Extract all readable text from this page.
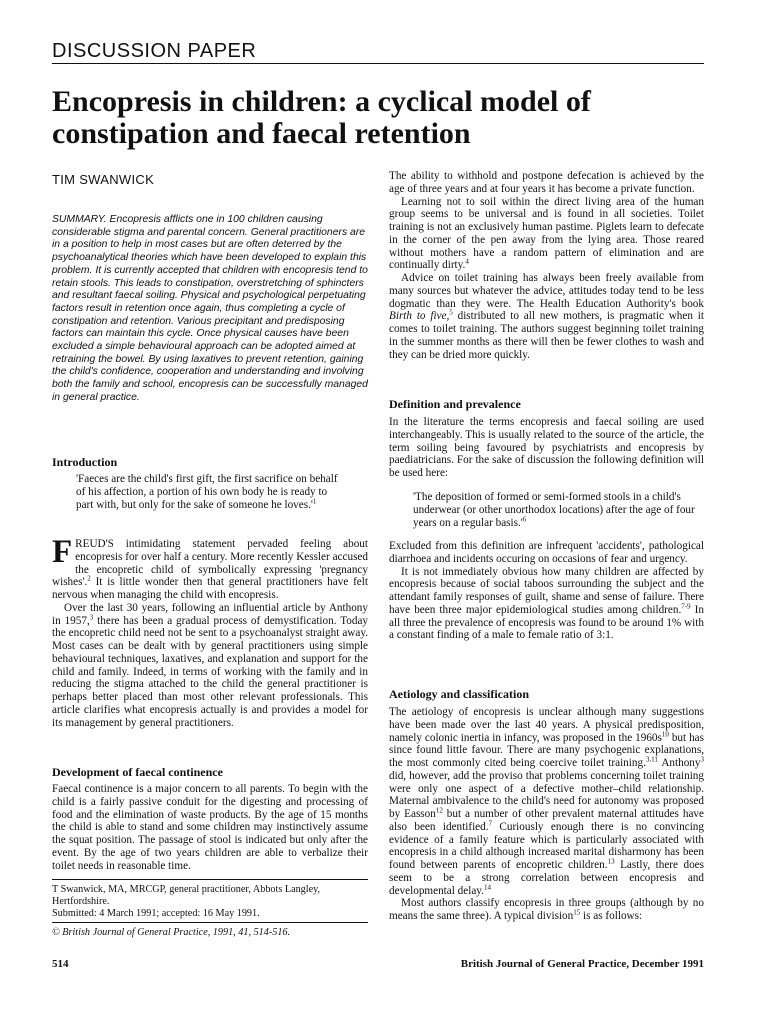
DISCUSSION PAPER
Encopresis in children: a cyclical model of
constipation and faecal retention
TIM SWANWICK
SUMMARY. Encopresis afflicts one in 100 children causing considerable stigma and parental concern. General practitioners are in a position to help in most cases but are often deterred by the psychoanalytical theories which have been developed to explain this problem. It is currently accepted that children with encopresis tend to retain stools. This leads to constipation, overstretching of sphincters and resultant faecal soiling. Physical and psychological perpetuating factors result in retention once again, thus completing a cycle of constipation and retention. Various precipitant and predisposing factors can maintain this cycle. Once physical causes have been excluded a simple behavioural approach can be adopted aimed at retraining the bowel. By using laxatives to prevent retention, gaining the child's confidence, cooperation and understanding and involving both the family and school, encopresis can be successfully managed in general practice.
Introduction
'Faeces are the child's first gift, the first sacrifice on behalf of his affection, a portion of his own body he is ready to part with, but only for the sake of someone he $loves.'^1$

FREUD'S intimidating statement pervaded feeling about encopresis for over half a century. More recently Kessler accused the encopretic child of symbolically expressing 'pregnancy wishes'.$^2$ It is little wonder then that general practitioners have felt nervous when managing the child with encopresis.

Over the last 30 years, following an influential article by Anthony in 1957,$^3$ there has been a gradual process of demystification. Today the encopretic child need not be sent to a psychoanalyst straight away. Most cases can be dealt with by general practitioners using simple behavioural techniques, laxatives, and explanation and support for the child and family. Indeed, in terms of working with the family and in reducing the stigma attached to the child the general practitioner is perhaps better placed than most other relevant professionals. This article clarifies what encopresis actually is and provides a model for its management by general practitioners.

Development of faecal continence

Faecal continence is a major concern to all parents. To begin with the child is a fairly passive conduit for the digesting and processing of food and the elimination of waste products. By the age of 15 months the child is able to stand and some children may instinctively assume the squat position. The passage of stool is indicated but only after the event. By the age of two years children are able to verbalize their toilet needs in reasonable time.

T Swanwick, MA, MRCGP, general practitioner, Abbots Langley, Hertfordshire.
Submitted: 4 March 1991; accepted: 16 May 1991.
© British Journal of General Practice, 1991, 41, 514-516.

The ability to withhold and postpone defecation is achieved by the age of three years and at four years it has become a private function.

Learning not to soil within the direct living area of the human group seems to be universal and is found in all societies. Toilet training is not an exclusively human pastime. Piglets learn to defecate in the corner of the pen away from the lying area. Those reared without mothers have a random pattern of elimination and are continually dirty.$^4$

Advice on toilet training has always been freely available from many sources but whatever the advice, attitudes today tend to be less dogmatic than they were. The Health Education Authority's book Birth to five,$^5$ distributed to all new mothers, is pragmatic when it comes to toilet training. The authors suggest beginning toilet training in the summer months as there will then be fewer clothes to wash and they can be dried more quickly.

Definition and prevalence

In the literature the terms encopresis and faecal soiling are used interchangeably. This is usually related to the source of the article, the term soiling being favoured by psychiatrists and encopresis by paediatricians. For the sake of discussion the following definition will be used here:

'The deposition of formed or semi-formed stools in a child's underwear (or other unorthodox locations) after the age of four years on a regular $basis.'^6$

Excluded from this definition are infrequent 'accidents', pathological diarrhoea and incidents occuring on occasions of fear and urgency.

It is not immediately obvious how many children are affected by encopresis because of social taboos surrounding the subject and the attendant family responses of guilt, shame and sense of failure. There have been three major epidemiological studies among children.$^{7-9}$ In all three the prevalence of encopresis was found to be around 1% with a constant finding of a male to female ratio of 3:1.

Aetiology and classification

The aetiology of encopresis is unclear although many suggestions have been made over the last 40 years. A physical predisposition, namely colonic inertia in infancy, was proposed in the $1960s^{10}$ but has since found little favour. There are many psychogenic explanations, the most commonly cited being coercive toilet training.$^{3,11}$ Anthony$^3$ did, however, add the proviso that problems concerning toilet training were only one aspect of a defective mother–child relationship. Maternal ambivalence to the child's need for autonomy was proposed by Easson$^{12}$ but a number of other prevalent maternal attitudes have also been identified.$^7$ Curiously enough there is no convincing evidence of a family feature which is particularly associated with encopresis in a child although increased marital disharmony has been found between parents of encopretic children.$^{13}$ Lastly, there does seem to be a strong correlation between encopresis and developmental delay.$^{14}$

Most authors classify encopresis in three groups (although by no means the same three). A typical division$^{15}$ is as follows:

514	British Journal of General Practice, December 1991
